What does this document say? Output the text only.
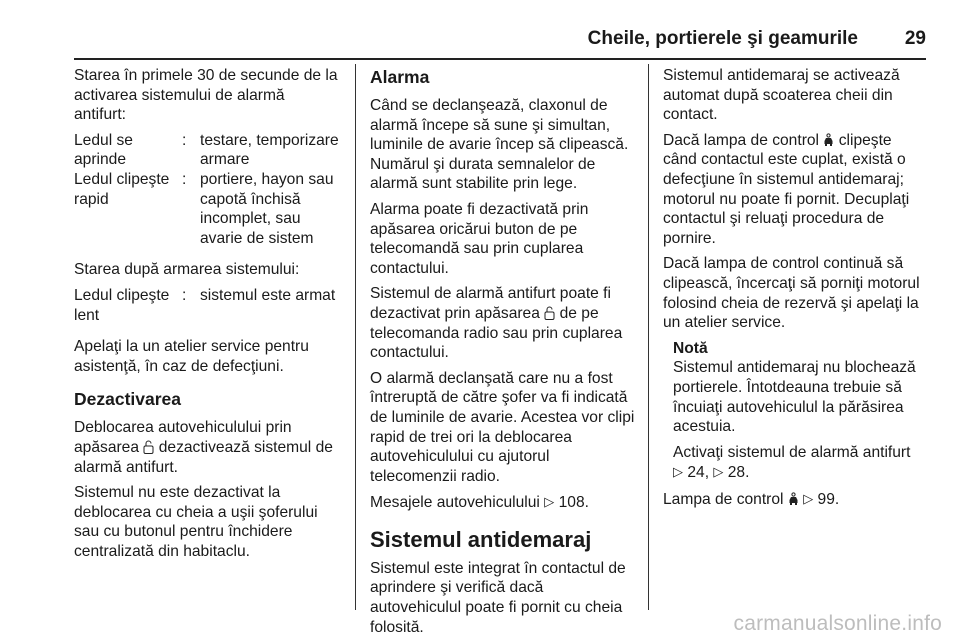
Cheile, portierele şi geamurile 29

Starea în primele 30 de secunde de la activarea sistemului de alarmă antifurt:

Ledul se aprinde
: testare, temporizare armare
Ledul clipeşte rapid
: portiere, hayon sau capotă închisă incomplet, sau avarie de sistem

Starea după armarea sistemului:

Ledul clipeşte lent
: sistemul este armat

Apelaţi la un atelier service pentru asistenţă, în caz de defecţiuni.

Dezactivarea

Deblocarea autovehiculului prin apăsarea dezactivează sistemul de alarmă antifurt.

Sistemul nu este dezactivat la deblocarea cu cheia a uşii şoferului sau cu butonul pentru închidere centralizată din habitaclu.

Alarma

Când se declanşează, claxonul de alarmă începe să sune şi simultan, luminile de avarie încep să clipească. Numărul şi durata semnalelor de alarmă sunt stabilite prin lege.

Alarma poate fi dezactivată prin apăsarea oricărui buton de pe telecomandă sau prin cuplarea contactului.

Sistemul de alarmă antifurt poate fi dezactivat prin apăsarea de pe telecomanda radio sau prin cuplarea contactului.

O alarmă declanşată care nu a fost întreruptă de către şofer va fi indicată de luminile de avarie. Acestea vor clipi rapid de trei ori la deblocarea autovehiculului cu ajutorul telecomenzii radio.

Mesajele autovehiculului ▷ 108.

Sistemul antidemaraj

Sistemul este integrat în contactul de aprindere şi verifică dacă autovehiculul poate fi pornit cu cheia folosită.

Sistemul antidemaraj se activează automat după scoaterea cheii din contact.

Dacă lampa de control clipeşte când contactul este cuplat, există o defecţiune în sistemul antidemaraj; motorul nu poate fi pornit. Decuplaţi contactul şi reluaţi procedura de pornire.

Dacă lampa de control continuă să clipească, încercaţi să porniţi motorul folosind cheia de rezervă şi apelaţi la un atelier service.

Notă

Sistemul antidemaraj nu blochează portierele. Întotdeauna trebuie să încuiaţi autovehiculul la părăsirea acestuia.

Activaţi sistemul de alarmă antifurt
▷ 24, ▷ 28.

Lampa de control ▷ 99.

carmanualsonline.info
